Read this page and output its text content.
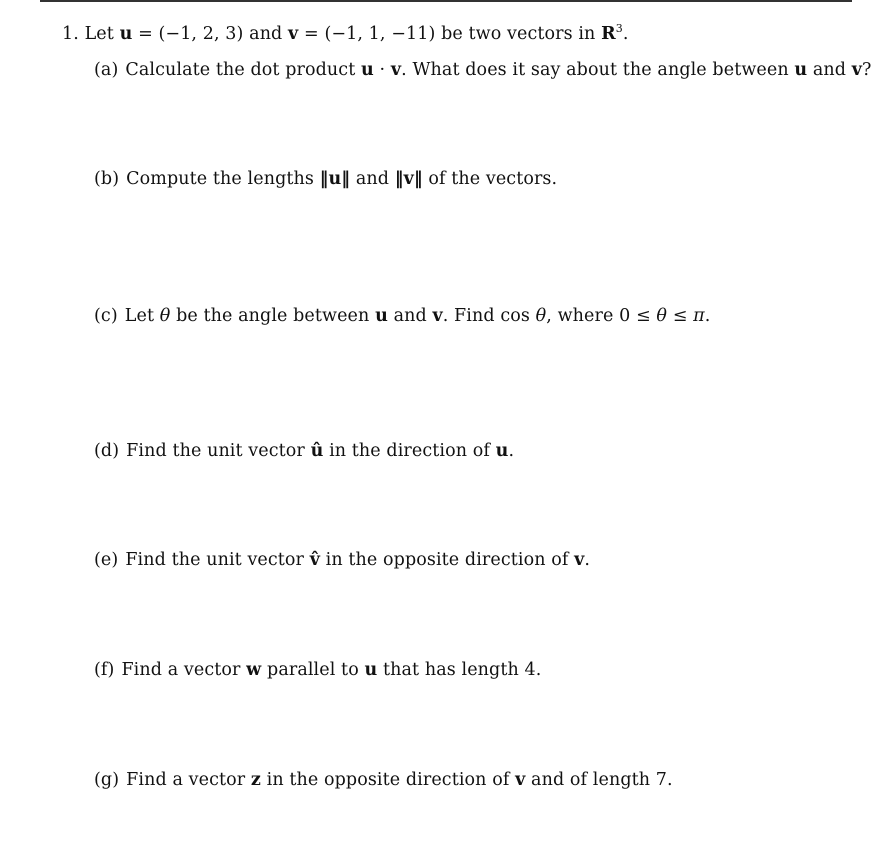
1. Let u = (−1, 2, 3) and v = (−1, 1, −11) be two vectors in $R^3$.
(a) Calculate the dot product u · v. What does it say about the angle between u and v?
(b) Compute the lengths ‖u‖ and ‖v‖ of the vectors.
(c) Let θ be the angle between u and v. Find cos θ, where 0 ≤ θ ≤ π.
(d) Find the unit vector û in the direction of u.
(e) Find the unit vector v̂ in the opposite direction of v.
(f) Find a vector w parallel to u that has length 4.
(g) Find a vector z in the opposite direction of v and of length 7.
